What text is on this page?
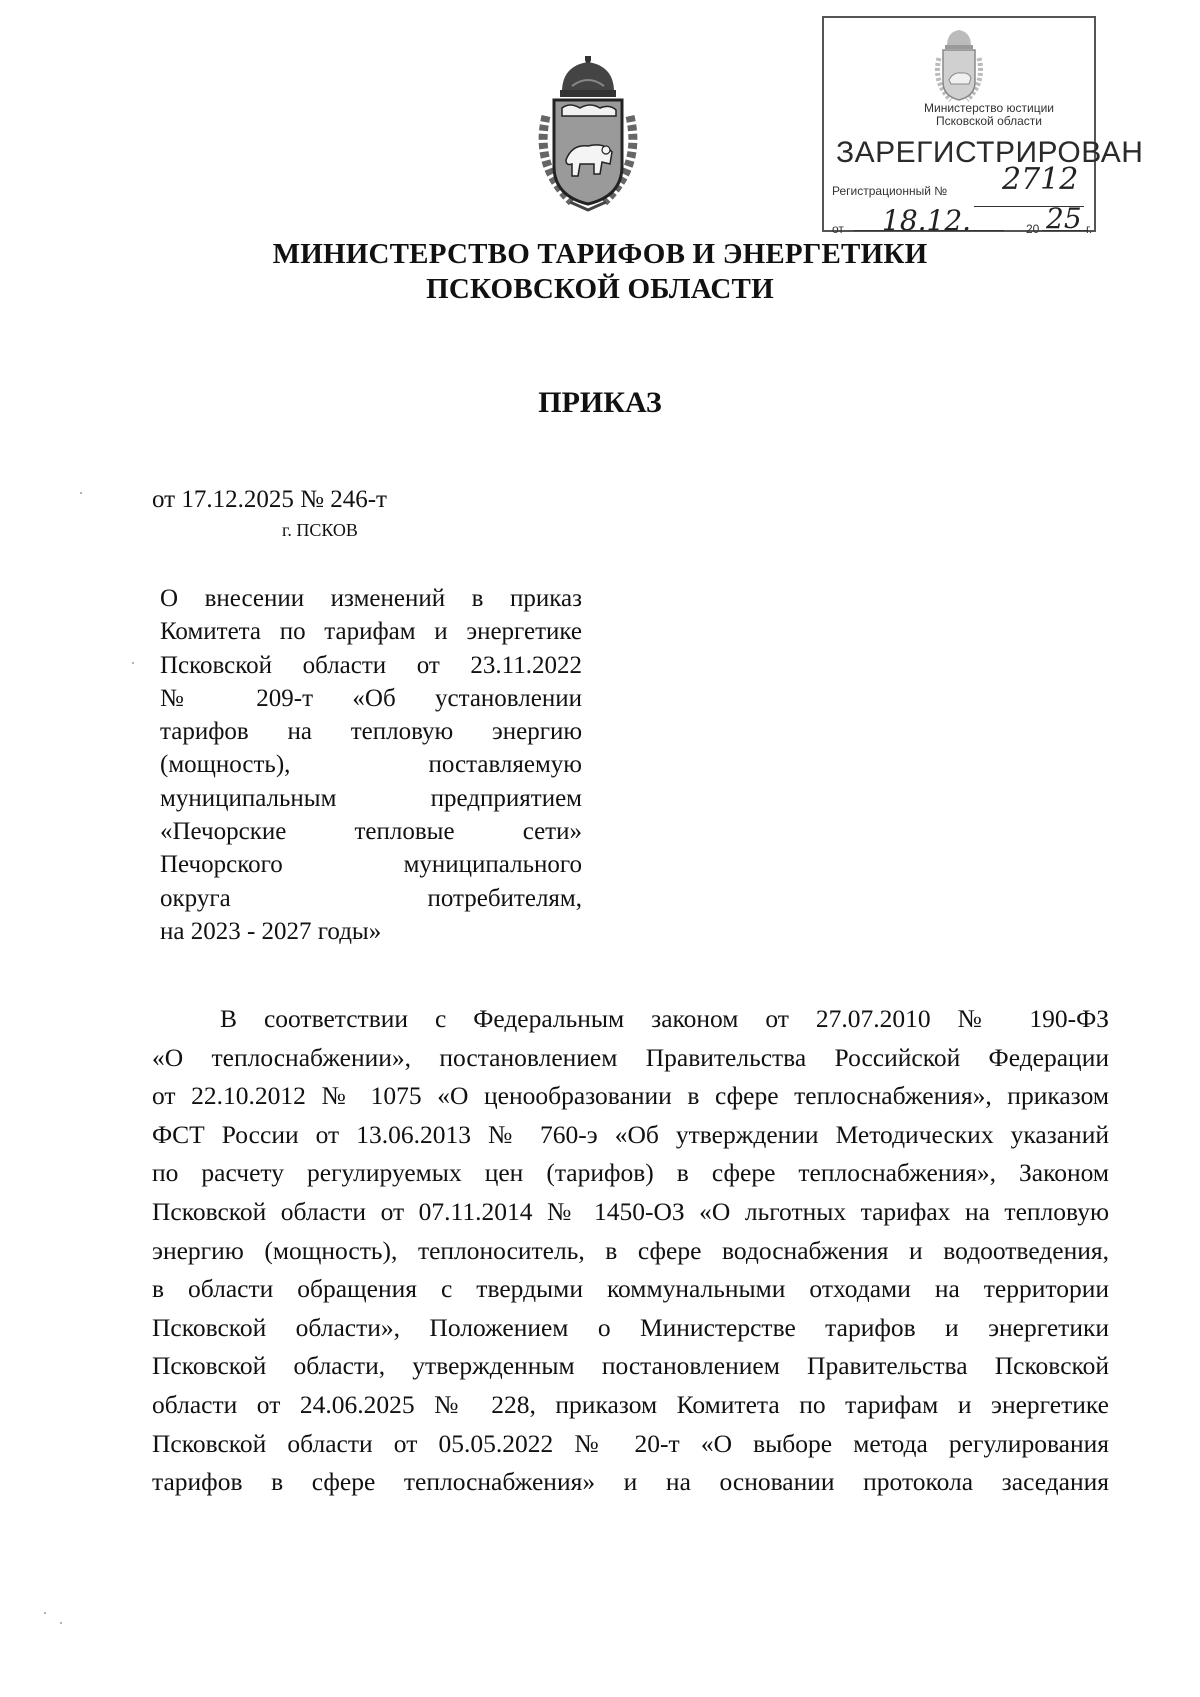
Министерство юстиции
Псковской области
ЗАРЕГИСТРИРОВАН
Регистрационный № 2712
от 18.12.	20 25 г.
МИНИСТЕРСТВО ТАРИФОВ И ЭНЕРГЕТИКИ
ПСКОВСКОЙ ОБЛАСТИ
ПРИКАЗ
от 17.12.2025 № 246-т
г. ПСКОВ
О внесении изменений в приказ
Комитета по тарифам и энергетике
Псковской области от 23.11.2022
№ 209-т «Об установлении
тарифов на тепловую энергию
(мощность), поставляемую
муниципальным предприятием
«Печорские тепловые сети»
Печорского муниципального
округа потребителям,
на 2023 - 2027 годы»
В соответствии с Федеральным законом от 27.07.2010 № 190-ФЗ
«О теплоснабжении», постановлением Правительства Российской Федерации
от 22.10.2012 № 1075 «О ценообразовании в сфере теплоснабжения», приказом
ФСТ России от 13.06.2013 № 760-э «Об утверждении Методических указаний
по расчету регулируемых цен (тарифов) в сфере теплоснабжения», Законом
Псковской области от 07.11.2014 № 1450-ОЗ «О льготных тарифах на тепловую
энергию (мощность), теплоноситель, в сфере водоснабжения и водоотведения,
в области обращения с твердыми коммунальными отходами на территории
Псковской области», Положением о Министерстве тарифов и энергетики
Псковской области, утвержденным постановлением Правительства Псковской
области от 24.06.2025 № 228, приказом Комитета по тарифам и энергетике
Псковской области от 05.05.2022 № 20-т «О выборе метода регулирования
тарифов в сфере теплоснабжения» и на основании протокола заседания
